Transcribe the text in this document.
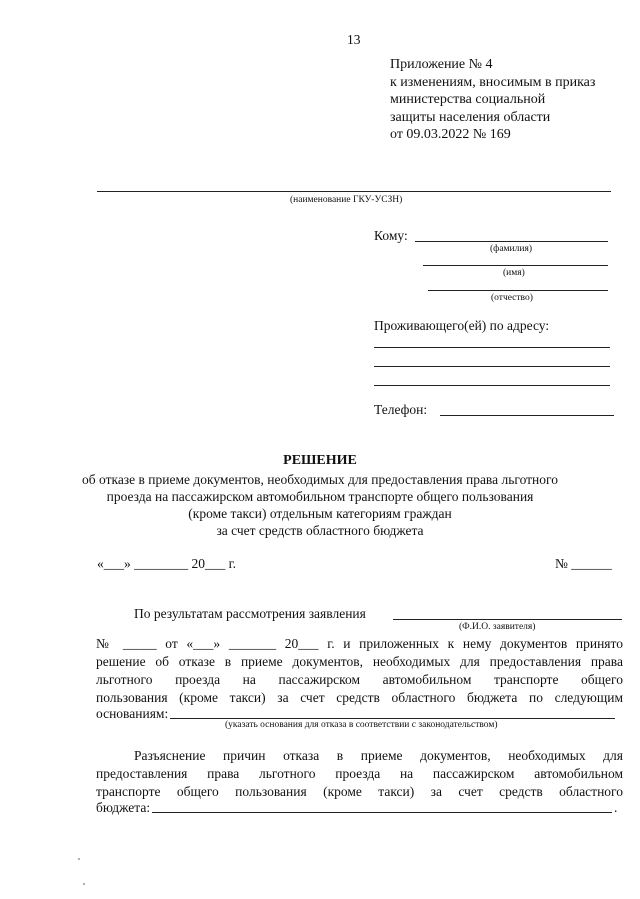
13
Приложение № 4
к изменениям, вносимым в приказ
министерства социальной
защиты населения области
от 09.03.2022 № 169
(наименование ГКУ-УСЗН)
Кому:
(фамилия)
(имя)
(отчество)
Проживающего(ей) по адресу:
Телефон:
РЕШЕНИЕ
об отказе в приеме документов, необходимых для предоставления права льготного
проезда на пассажирском автомобильном транспорте общего пользования
(кроме такси) отдельным категориям граждан
за счет средств областного бюджета
«___» ________ 20___ г.	№ ______
По результатам рассмотрения заявления
(Ф.И.О. заявителя)
№ _____ от «___» _______ 20___ г. и приложенных к нему документов принято
решение об отказе в приеме документов, необходимых для предоставления права
льготного проезда на пассажирском автомобильном транспорте общего
пользования (кроме такси) за счет средств областного бюджета по следующим
основаниям:
(указать основания для отказа в соответствии с законодательством)
Разъяснение причин отказа в приеме документов, необходимых для
предоставления права льготного проезда на пассажирском автомобильном
транспорте общего пользования (кроме такси) за счет средств областного
бюджета:	.
